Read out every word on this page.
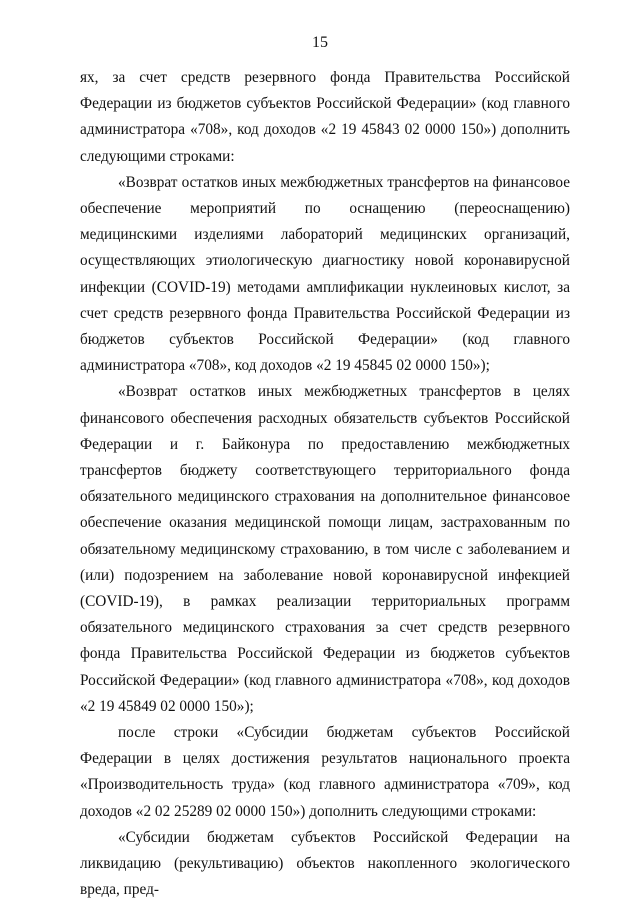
15

ях, за счет средств резервного фонда Правительства Российской Федерации из бюджетов субъектов Российской Федерации» (код главного администратора «708», код доходов «2 19 45843 02 0000 150») дополнить следующими строками:

«Возврат остатков иных межбюджетных трансфертов на финансовое обеспечение мероприятий по оснащению (переоснащению) медицинскими изделиями лабораторий медицинских организаций, осуществляющих этиологическую диагностику новой коронавирусной инфекции (COVID-19) методами амплификации нуклеиновых кислот, за счет средств резервного фонда Правительства Российской Федерации из бюджетов субъектов Российской Федерации» (код главного администратора «708», код доходов «2 19 45845 02 0000 150»);

«Возврат остатков иных межбюджетных трансфертов в целях финансового обеспечения расходных обязательств субъектов Российской Федерации и г. Байконура по предоставлению межбюджетных трансфертов бюджету соответствующего территориального фонда обязательного медицинского страхования на дополнительное финансовое обеспечение оказания медицинской помощи лицам, застрахованным по обязательному медицинскому страхованию, в том числе с заболеванием и (или) подозрением на заболевание новой коронавирусной инфекцией (COVID-19), в рамках реализации территориальных программ обязательного медицинского страхования за счет средств резервного фонда Правительства Российской Федерации из бюджетов субъектов Российской Федерации» (код главного администратора «708», код доходов «2 19 45849 02 0000 150»);

после строки «Субсидии бюджетам субъектов Российской Федерации в целях достижения результатов национального проекта «Производительность труда» (код главного администратора «709», код доходов «2 02 25289 02 0000 150») дополнить следующими строками:

«Субсидии бюджетам субъектов Российской Федерации на ликвидацию (рекультивацию) объектов накопленного экологического вреда, пред-
